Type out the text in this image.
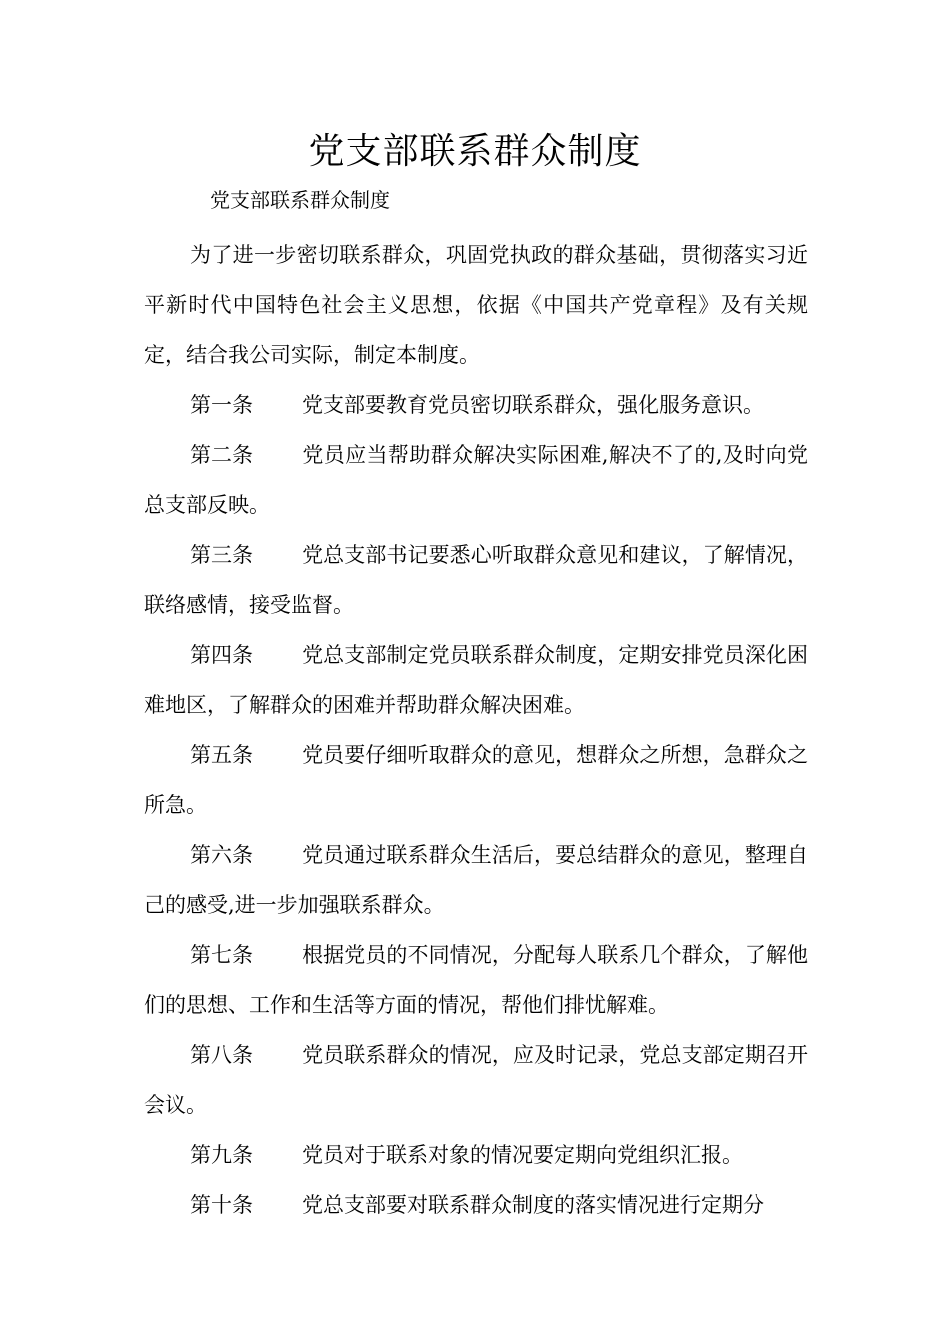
党支部联系群众制度

党支部联系群众制度

为了进一步密切联系群众，巩固党执政的群众基础，贯彻落实习近平新时代中国特色社会主义思想，依据《中国共产党章程》及有关规定，结合我公司实际，制定本制度。

第一条 党支部要教育党员密切联系群众，强化服务意识。

第二条 党员应当帮助群众解决实际困难,解决不了的,及时向党总支部反映。

第三条 党总支部书记要悉心听取群众意见和建议，了解情况，联络感情，接受监督。

第四条 党总支部制定党员联系群众制度，定期安排党员深化困难地区，了解群众的困难并帮助群众解决困难。

第五条 党员要仔细听取群众的意见，想群众之所想，急群众之所急。

第六条 党员通过联系群众生活后，要总结群众的意见，整理自己的感受,进一步加强联系群众。

第七条 根据党员的不同情况，分配每人联系几个群众，了解他们的思想、工作和生活等方面的情况，帮他们排忧解难。

第八条 党员联系群众的情况，应及时记录，党总支部定期召开会议。

第九条 党员对于联系对象的情况要定期向党组织汇报。

第十条 党总支部要对联系群众制度的落实情况进行定期分
